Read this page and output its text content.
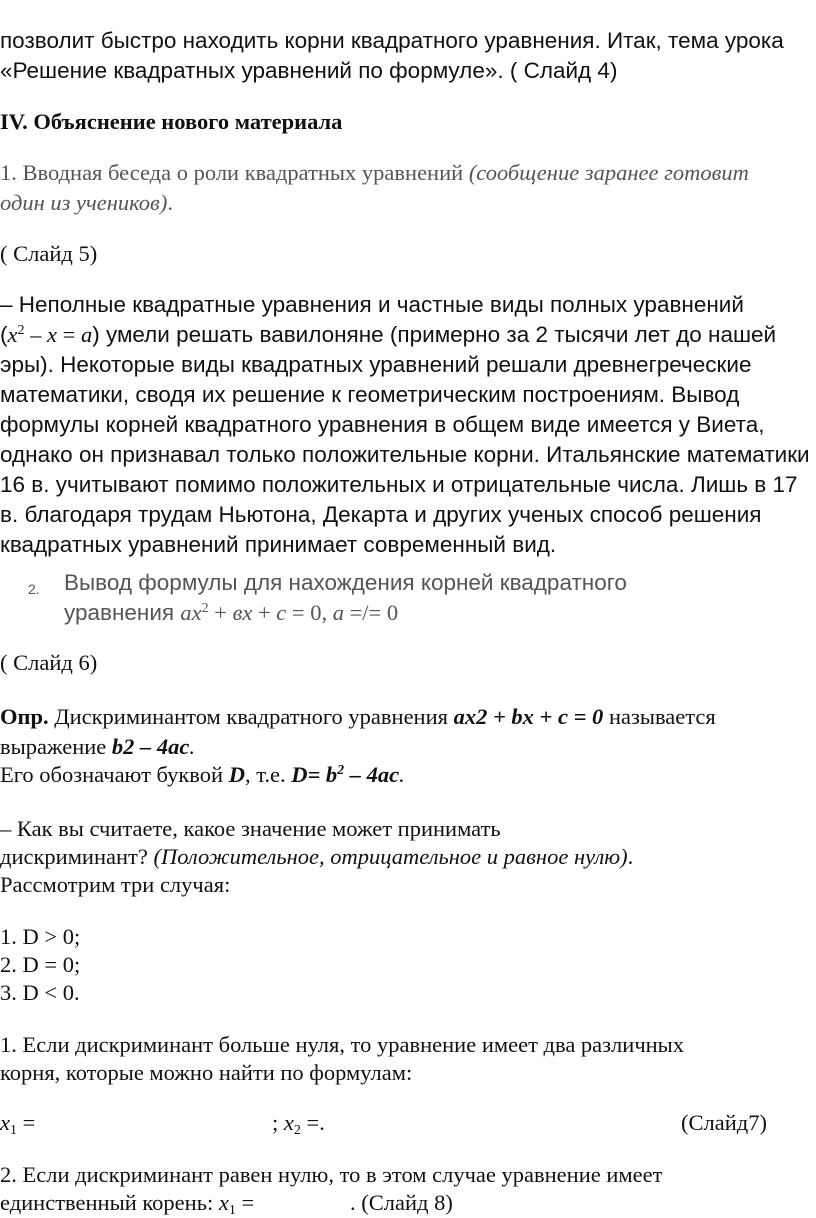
позволит быстро находить корни квадратного уравнения. Итак, тема урока
«Решение квадратных уравнений по формуле». ( Слайд 4)
IV. Объяснение нового материала
1. Вводная беседа о роли квадратных уравнений (сообщение заранее готовит
один из учеников).
( Слайд 5)
– Неполные квадратные уравнения и частные виды полных уравнений
$(x^2 - x = a)$ умели решать вавилоняне (примерно за 2 тысячи лет до нашей
эры). Некоторые виды квадратных уравнений решали древнегреческие
математики, сводя их решение к геометрическим построениям. Вывод
формулы корней квадратного уравнения в общем виде имеется у Виета,
однако он признавал только положительные корни. Итальянские математики
16 в. учитывают помимо положительных и отрицательные числа. Лишь в 17
в. благодаря трудам Ньютона, Декарта и других ученых способ решения
квадратных уравнений принимает современный вид.
2. Вывод формулы для нахождения корней квадратного
уравнения $ax^2$ + вx + c = 0, a =/= 0
( Слайд 6)
Опр. Дискриминантом квадратного уравнения ax2 + bx + c = 0 называется
выражение b2 – 4ac.
Его обозначают буквой D, т.е. $D= b^2 - 4ac$.
– Как вы считаете, какое значение может принимать
дискриминант? (Положительное, отрицательное и равное нулю).
Рассмотрим три случая:
1. D > 0;
2. D = 0;
3. D < 0.
1. Если дискриминант больше нуля, то уравнение имеет два различных
корня, которые можно найти по формулам:
$x_1$ =	; $x_2$ =.	(Слайд7)
2. Если дискриминант равен нулю, то в этом случае уравнение имеет
единственный корень: $x_1$ =	. (Слайд 8)
